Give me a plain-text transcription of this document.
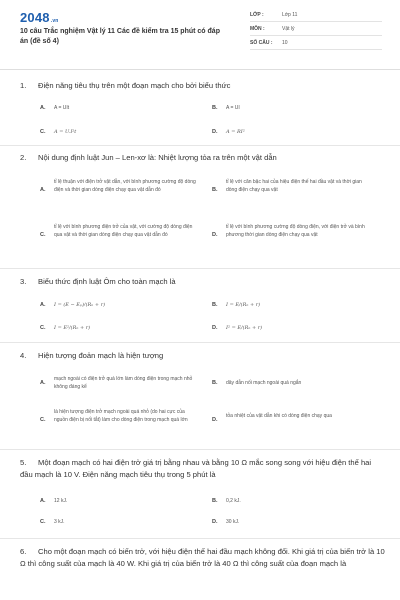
2048.vn
10 câu Trắc nghiệm Vật lý 11 Các đề kiểm tra 15 phút có đáp án (đề số 4)
LỚP :	Lớp 11
MÔN :	Vật lý
SỐ CÂU :	10
1. Điện năng tiêu thụ trên một đoạn mạch cho bởi biểu thức
A. A = UIt	B. A = UI
C. A = U.I²t	D. A = RI²
2. Nội dung định luật Jun – Len-xơ là: Nhiệt lượng tỏa ra trên một vật dẫn
A.
tỉ lệ thuận với điện trở vật dẫn, với bình phương cường độ dòng điện và thời gian dòng điện chạy qua vật dẫn đó	B.
tỉ lệ với căn bậc hai của hiệu điện thế hai đầu vật và thời gian dòng điện chạy qua vật
C.
tỉ lệ với bình phương điện trở của vật, với cường độ dòng điện qua vật và thời gian dòng điện chạy qua vật dẫn đó	D.
tỉ lệ với bình phương cường độ dòng điện, với điện trở và bình phương thời gian dòng điện chạy qua vật
3. Biểu thức định luật Ôm cho toàn mạch là
A. I = (E − Eₚ)/(Rₙ + r)	B. I = E/(Rₙ + r)
C. I = E²/(Rₙ + r)	D. I² = E/(Rₙ + r)
4. Hiện tượng đoản mạch là hiện tượng
A.
mạch ngoài có điện trở quá lớn làm dòng điện trong mạch nhỏ không đáng kể
B. dây dẫn nối mạch ngoài quá ngắn
C.
là hiện tượng điện trở mạch ngoài quá nhỏ (do hai cực của nguồn điện bị nối tắt) làm cho dòng điện trong mạch quá lớn	D.
tỏa nhiệt của vật dẫn khi có dòng điện chạy qua
5. Một đoạn mạch có hai điện trở giá trị bằng nhau và bằng 10 Ω mắc song song với hiệu điện thế hai đầu mạch là 10 V. Điện năng mạch tiêu thụ trong 5 phút là
A. 12 kJ.	B. 0,2 kJ.
C. 3 kJ.	D. 30 kJ.
6. Cho một đoạn mạch có biến trở, với hiệu điện thế hai đầu mạch không đổi. Khi giá trị của biến trở là 10 Ω thì công suất của mạch là 40 W. Khi giá trị của biến trở là 40 Ω thì công suất của đoạn mạch là
